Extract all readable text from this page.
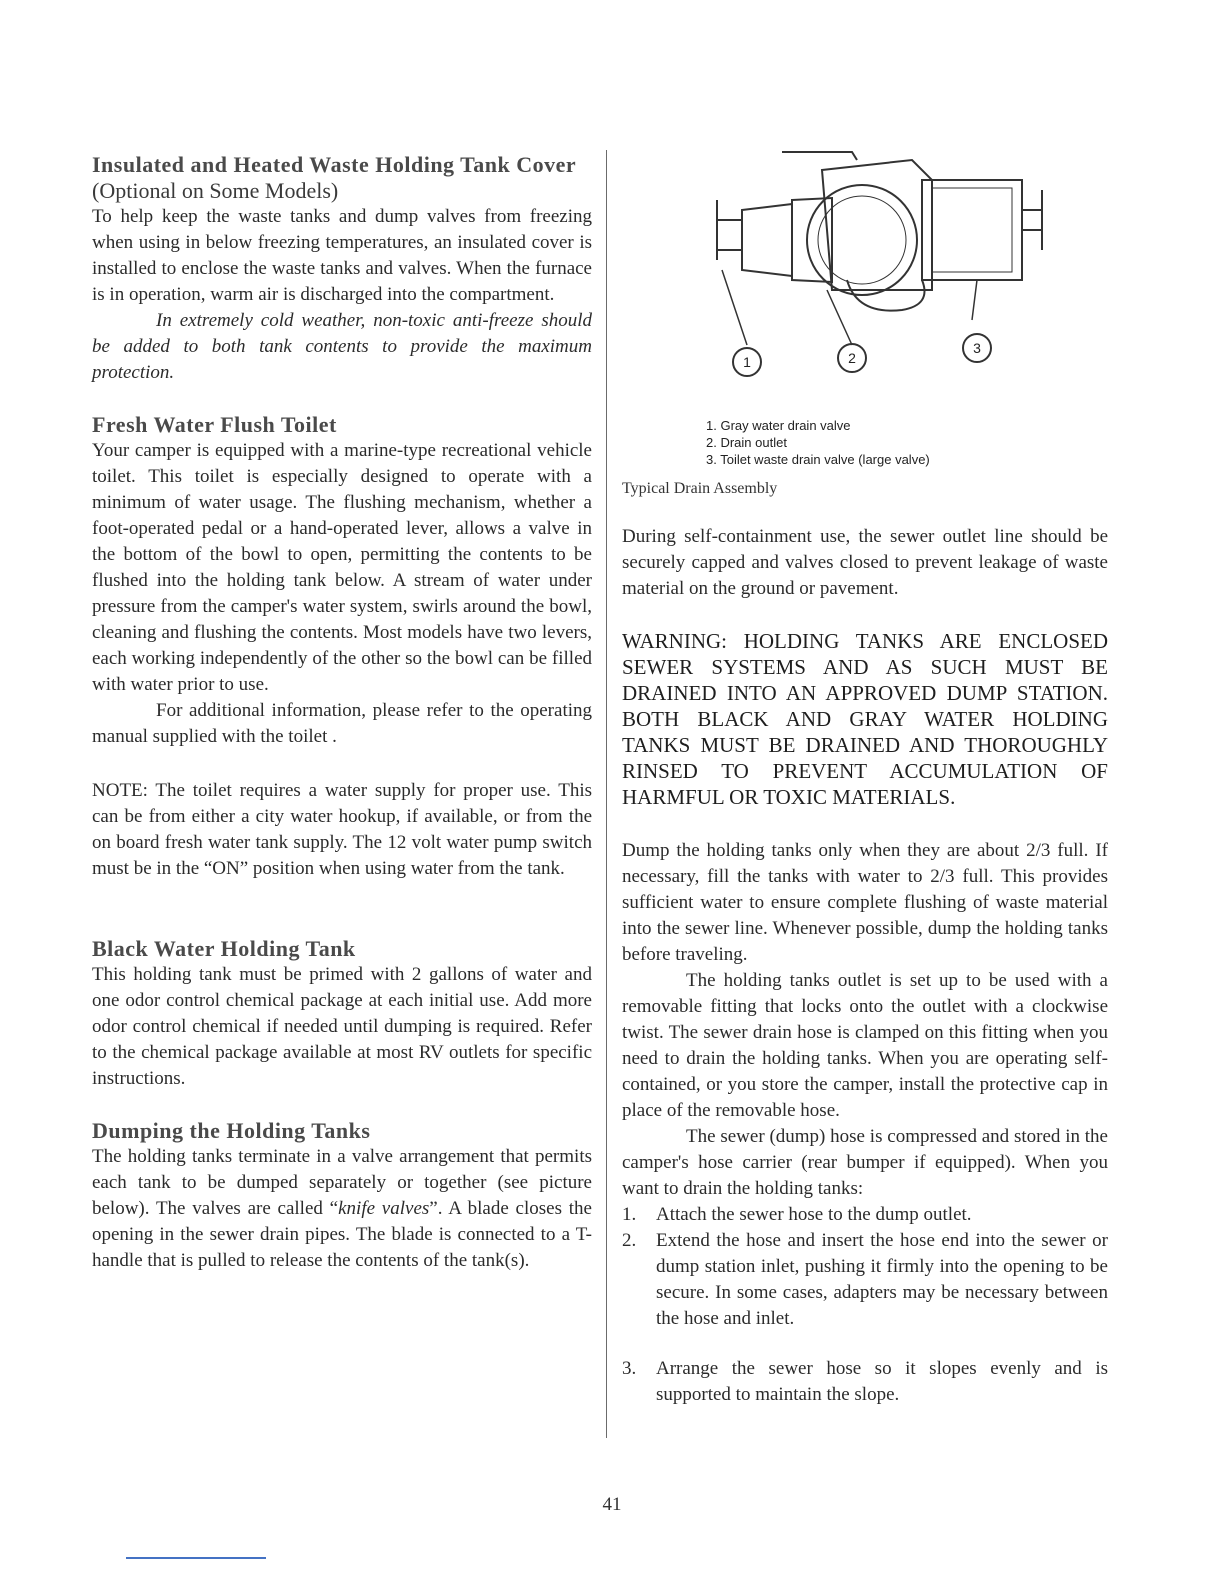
Insulated and Heated Waste Holding Tank Cover (Optional on Some Models)

To help keep the waste tanks and dump valves from freezing when using in below freezing temperatures, an insulated cover is installed to enclose the waste tanks and valves. When the furnace is in operation, warm air is discharged into the compartment.

In extremely cold weather, non-toxic anti-freeze should be added to both tank contents to provide the maximum protection.

Fresh Water Flush Toilet

Your camper is equipped with a marine-type recreational vehicle toilet. This toilet is especially designed to operate with a minimum of water usage. The flushing mechanism, whether a foot-operated pedal or a hand-operated lever, allows a valve in the bottom of the bowl to open, permitting the contents to be flushed into the holding tank below. A stream of water under pressure from the camper's water system, swirls around the bowl, cleaning and flushing the contents. Most models have two levers, each working independently of the other so the bowl can be filled with water prior to use.

For additional information, please refer to the operating manual supplied with the toilet .

NOTE: The toilet requires a water supply for proper use. This can be from either a city water hookup, if available, or from the on board fresh water tank supply. The 12 volt water pump switch must be in the “ON” position when using water from the tank.

Black Water Holding Tank

This holding tank must be primed with 2 gallons of water and one odor control chemical package at each initial use. Add more odor control chemical if needed until dumping is required. Refer to the chemical package available at most RV outlets for specific instructions.

Dumping the Holding Tanks

The holding tanks terminate in a valve arrangement that permits each tank to be dumped separately or together (see picture below). The valves are called “knife valves”. A blade closes the opening in the sewer drain pipes. The blade is connected to a T-handle that is pulled to release the contents of the tank(s).

1	2
3
1. Gray water drain valve
2. Drain outlet
3. Toilet waste drain valve (large valve)
Typical Drain Assembly

During self-containment use, the sewer outlet line should be securely capped and valves closed to prevent leakage of waste material on the ground or pavement.

WARNING: HOLDING TANKS ARE ENCLOSED SEWER SYSTEMS AND AS SUCH MUST BE DRAINED INTO AN APPROVED DUMP STATION. BOTH BLACK AND GRAY WATER HOLDING TANKS MUST BE DRAINED AND THOROUGHLY RINSED TO PREVENT ACCUMULATION OF HARMFUL OR TOXIC MATERIALS.

Dump the holding tanks only when they are about 2/3 full. If necessary, fill the tanks with water to 2/3 full. This provides sufficient water to ensure complete flushing of waste material into the sewer line. Whenever possible, dump the holding tanks before traveling.

The holding tanks outlet is set up to be used with a removable fitting that locks onto the outlet with a clockwise twist. The sewer drain hose is clamped on this fitting when you need to drain the holding tanks. When you are operating self-contained, or you store the camper, install the protective cap in place of the removable hose.

The sewer (dump) hose is compressed and stored in the camper's hose carrier (rear bumper if equipped). When you want to drain the holding tanks:

1. Attach the sewer hose to the dump outlet.
2. Extend the hose and insert the hose end into the sewer or dump station inlet, pushing it firmly into the opening to be secure. In some cases, adapters may be necessary between the hose and inlet.
3. Arrange the sewer hose so it slopes evenly and is supported to maintain the slope.
41
